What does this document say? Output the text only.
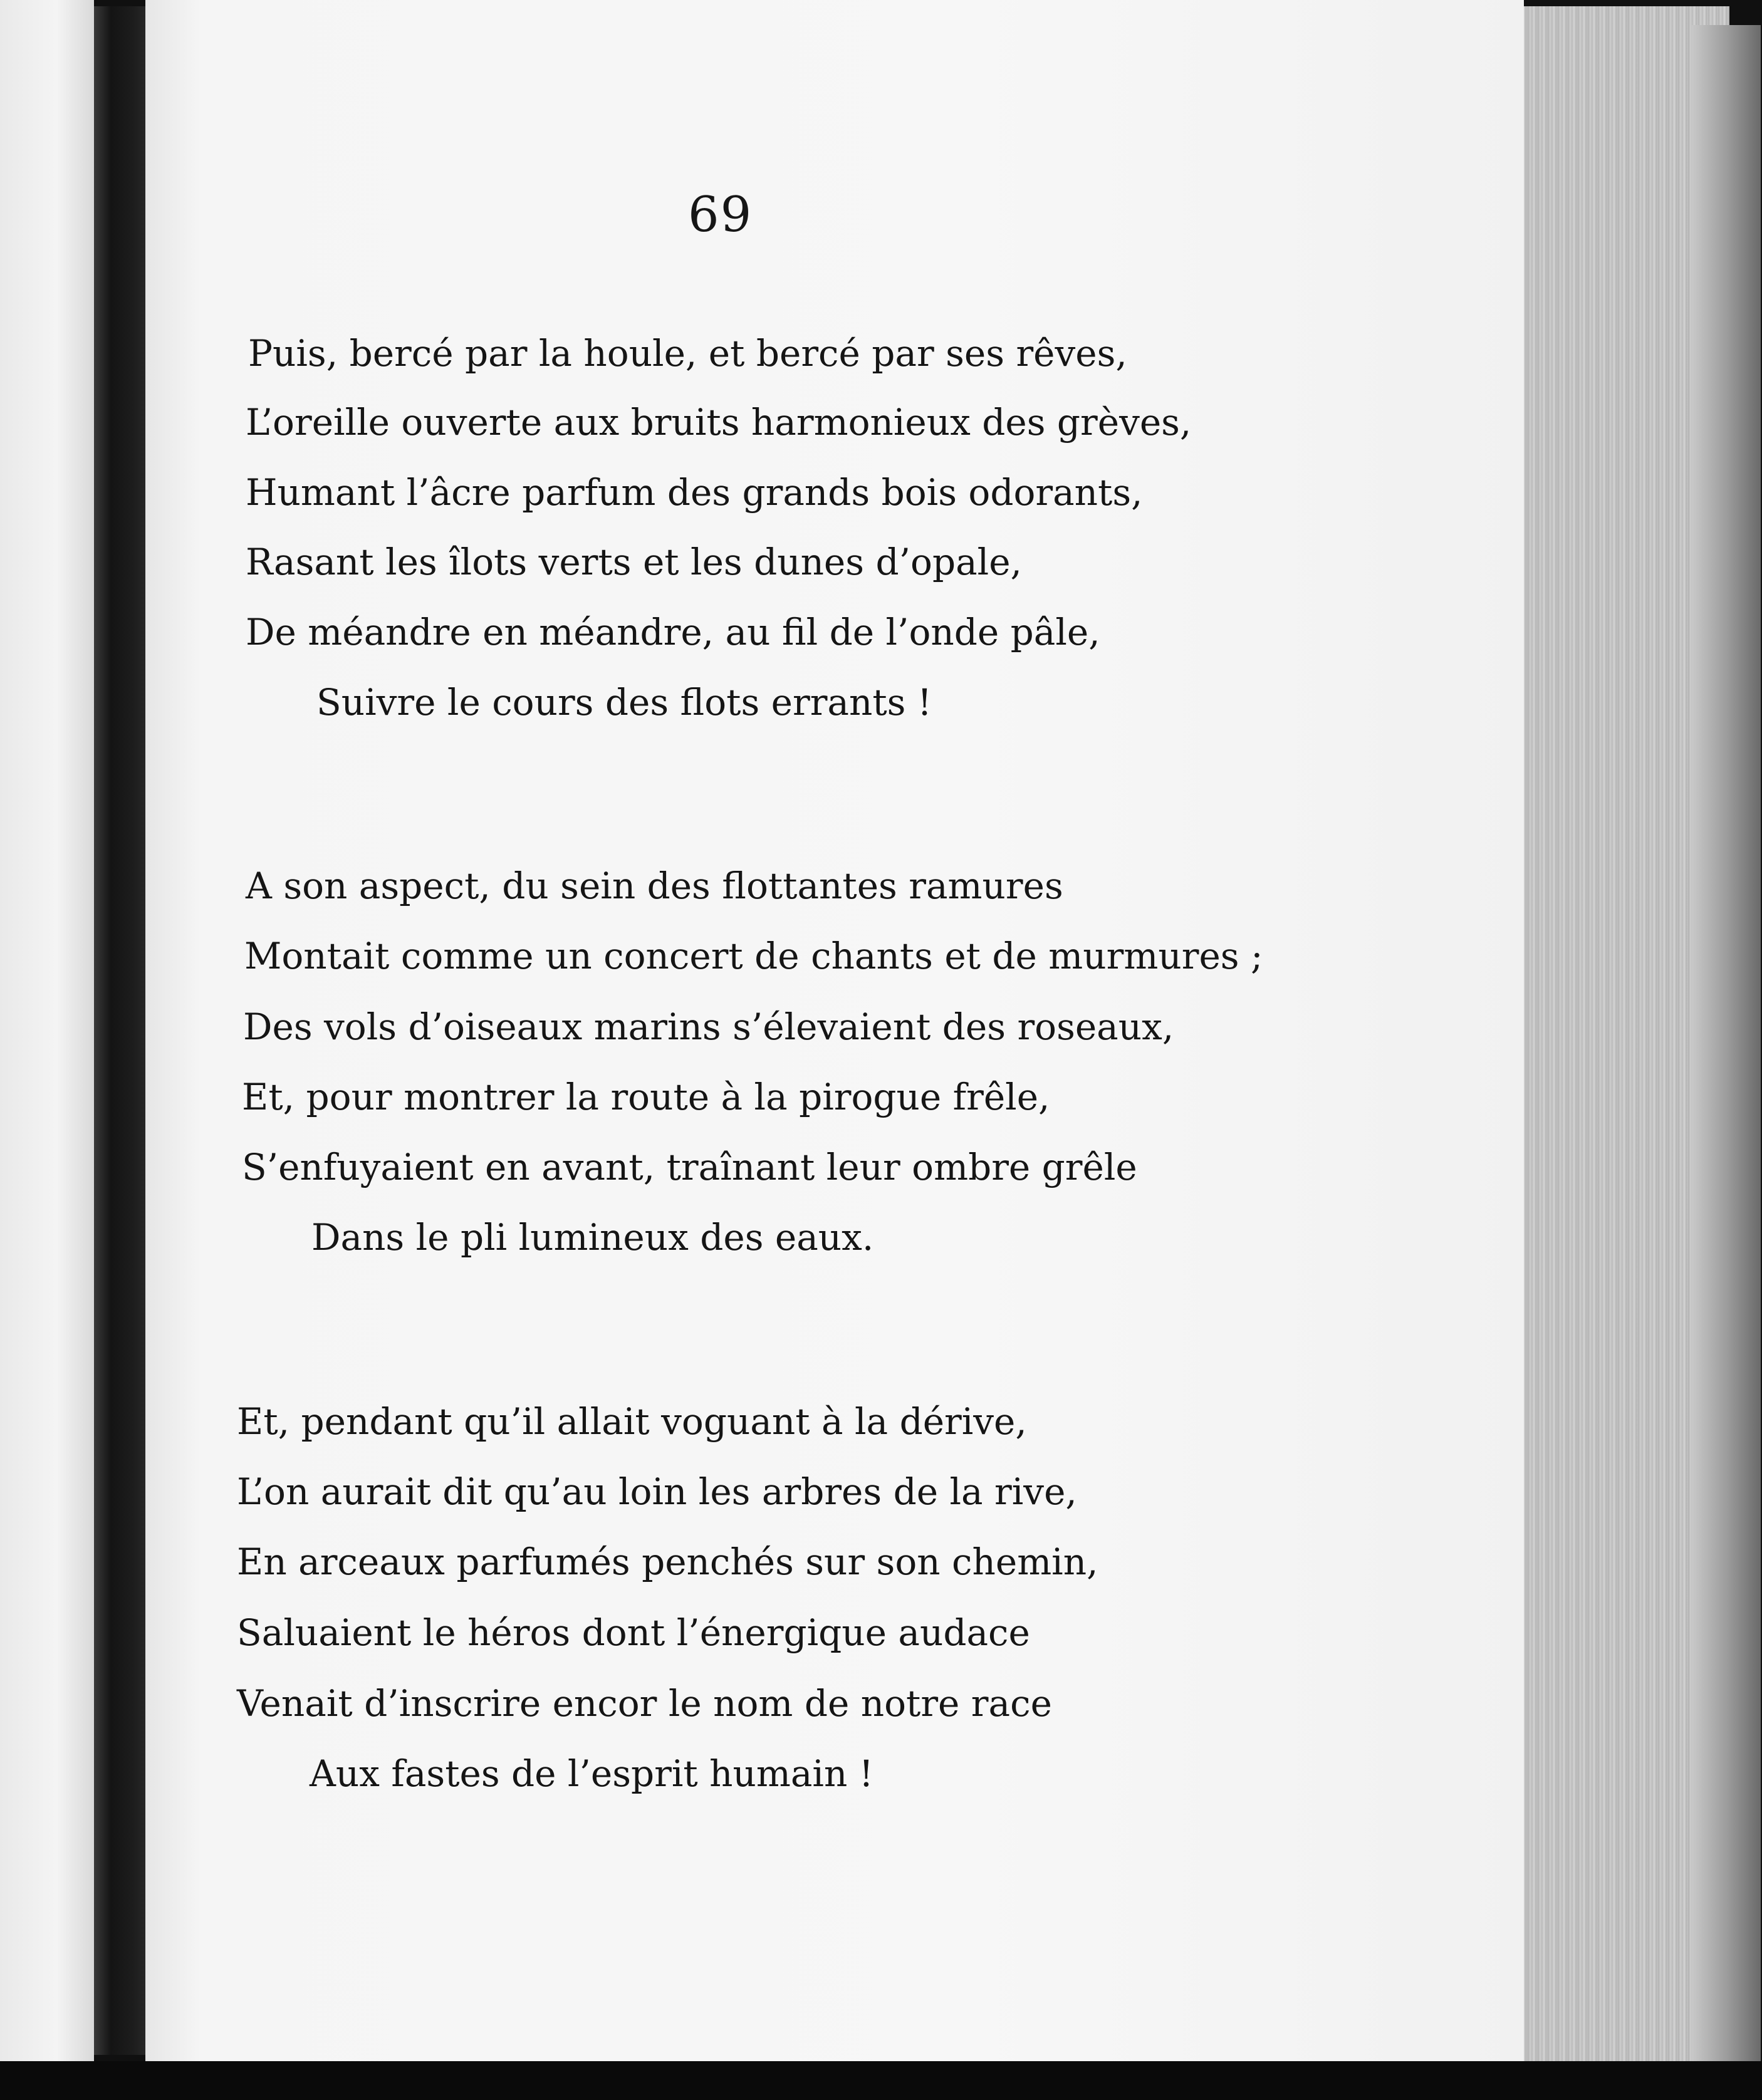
69
Puis, bercé par la houle, et bercé par ses rêves,
L’oreille ouverte aux bruits harmonieux des grèves,
Humant l’âcre parfum des grands bois odorants,
Rasant les îlots verts et les dunes d’opale,
De méandre en méandre, au fil de l’onde pâle,
Suivre le cours des flots errants !
A son aspect, du sein des flottantes ramures
Montait comme un concert de chants et de murmures ;
Des vols d’oiseaux marins s’élevaient des roseaux,
Et, pour montrer la route à la pirogue frêle,
S’enfuyaient en avant, traînant leur ombre grêle
Dans le pli lumineux des eaux.
Et, pendant qu’il allait voguant à la dérive,
L’on aurait dit qu’au loin les arbres de la rive,
En arceaux parfumés penchés sur son chemin,
Saluaient le héros dont l’énergique audace
Venait d’inscrire encor le nom de notre race
Aux fastes de l’esprit humain !
